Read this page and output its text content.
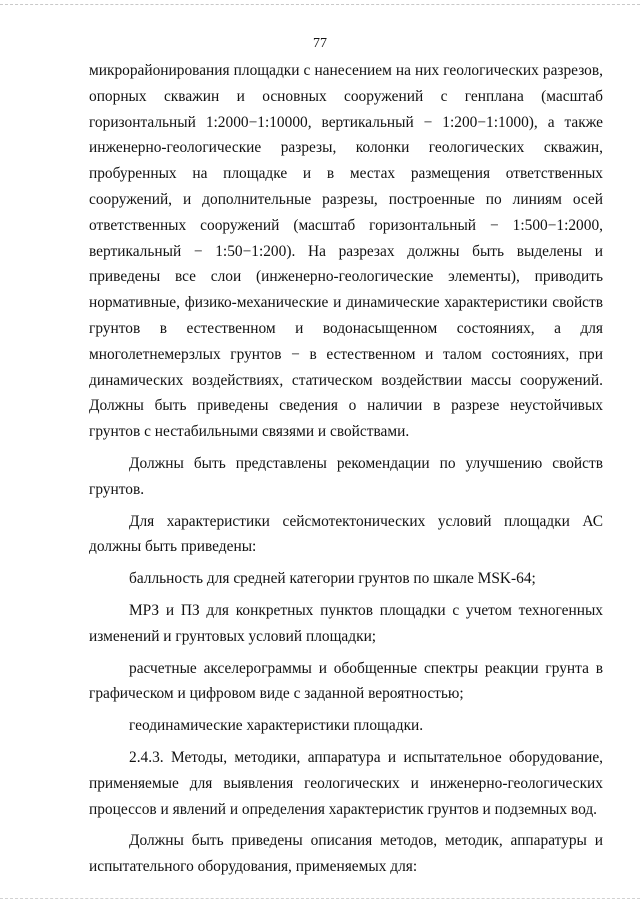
77

микрорайонирования площадки с нанесением на них геологических разрезов, опорных скважин и основных сооружений с генплана (масштаб горизонтальный 1:2000−1:10000, вертикальный − 1:200−1:1000), а также инженерно-геологические разрезы, колонки геологических скважин, пробуренных на площадке и в местах размещения ответственных сооружений, и дополнительные разрезы, построенные по линиям осей ответственных сооружений (масштаб горизонтальный − 1:500−1:2000, вертикальный − 1:50−1:200). На разрезах должны быть выделены и приведены все слои (инженерно-геологические элементы), приводить нормативные, физико-механические и динамические характеристики свойств грунтов в естественном и водонасыщенном состояниях, а для многолетнемерзлых грунтов − в естественном и талом состояниях, при динамических воздействиях, статическом воздействии массы сооружений. Должны быть приведены сведения о наличии в разрезе неустойчивых грунтов с нестабильными связями и свойствами.

Должны быть представлены рекомендации по улучшению свойств грунтов.

Для характеристики сейсмотектонических условий площадки АС должны быть приведены:

балльность для средней категории грунтов по шкале MSK-64;

МРЗ и ПЗ для конкретных пунктов площадки с учетом техногенных изменений и грунтовых условий площадки;

расчетные акселерограммы и обобщенные спектры реакции грунта в графическом и цифровом виде с заданной вероятностью;

геодинамические характеристики площадки.

2.4.3. Методы, методики, аппаратура и испытательное оборудование, применяемые для выявления геологических и инженерно-геологических процессов и явлений и определения характеристик грунтов и подземных вод.

Должны быть приведены описания методов, методик, аппаратуры и испытательного оборудования, применяемых для:
